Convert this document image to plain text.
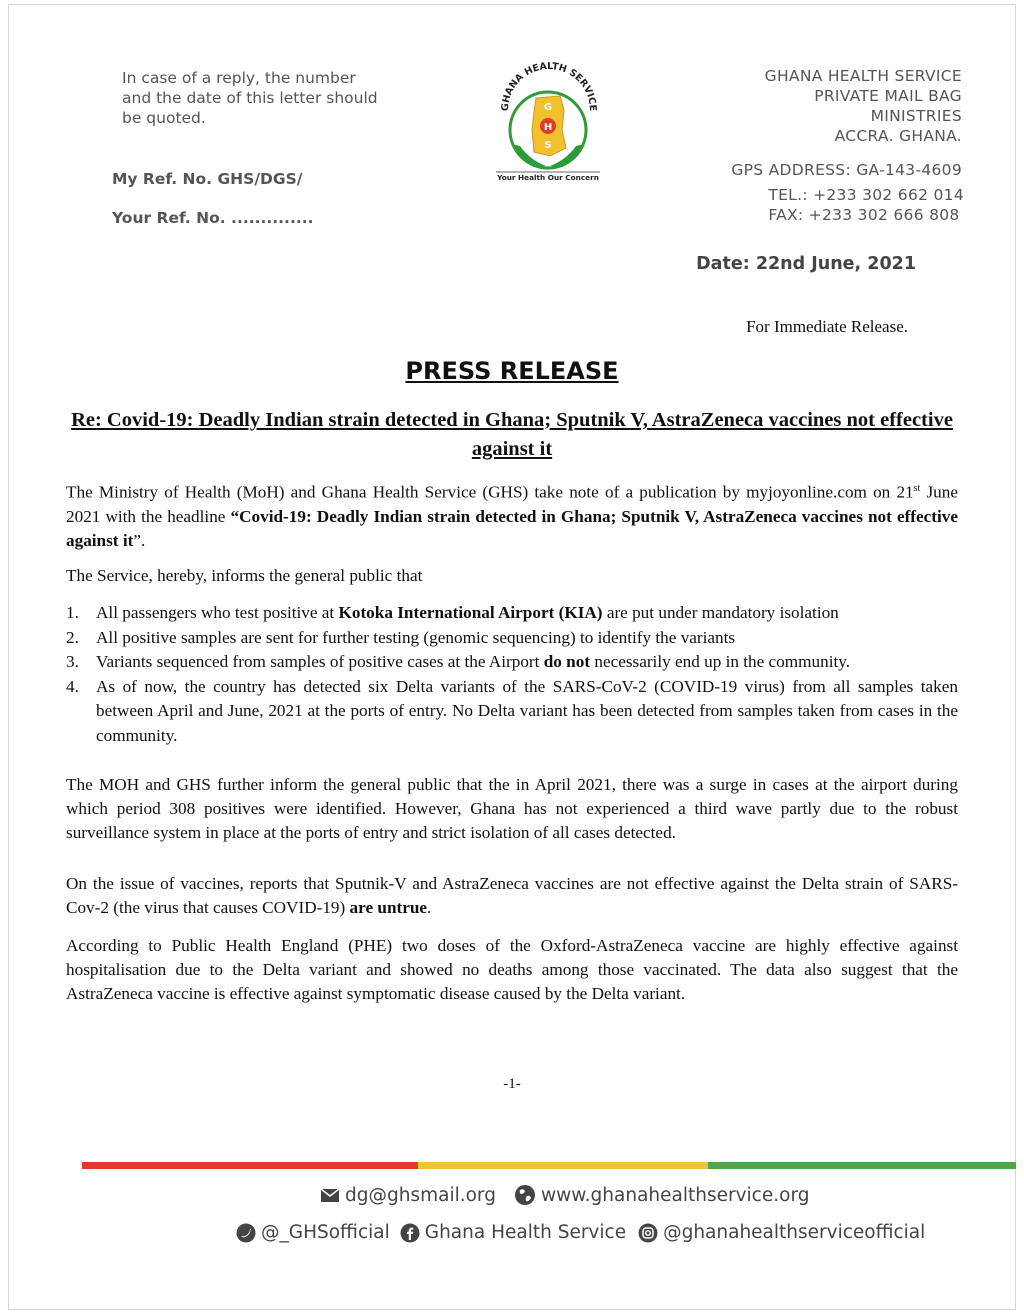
In case of a reply, the number and the date of this letter should be quoted.
My Ref. No. GHS/DGS/
Your Ref. No. ..............
GHANA HEALTH SERVICE
G
H
S
Your Health Our Concern
GHANA HEALTH SERVICE
PRIVATE MAIL BAG
MINISTRIES
ACCRA. GHANA.
GPS ADDRESS: GA-143-4609
TEL.: +233 302 662 014
FAX: +233 302 666 808
Date: 22nd June, 2021
For Immediate Release.
PRESS RELEASE
Re: Covid-19: Deadly Indian strain detected in Ghana; Sputnik V, AstraZeneca vaccines not effective against it
The Ministry of Health (MoH) and Ghana Health Service (GHS) take note of a publication by myjoyonline.com on 21st June 2021 with the headline “Covid-19: Deadly Indian strain detected in Ghana; Sputnik V, AstraZeneca vaccines not effective against it”.
The Service, hereby, informs the general public that
1. All passengers who test positive at Kotoka International Airport (KIA) are put under mandatory isolation
2. All positive samples are sent for further testing (genomic sequencing) to identify the variants
3. Variants sequenced from samples of positive cases at the Airport do not necessarily end up in the community.
4. As of now, the country has detected six Delta variants of the SARS-CoV-2 (COVID-19 virus) from all samples taken between April and June, 2021 at the ports of entry. No Delta variant has been detected from samples taken from cases in the community.
The MOH and GHS further inform the general public that the in April 2021, there was a surge in cases at the airport during which period 308 positives were identified. However, Ghana has not experienced a third wave partly due to the robust surveillance system in place at the ports of entry and strict isolation of all cases detected.
On the issue of vaccines, reports that Sputnik-V and AstraZeneca vaccines are not effective against the Delta strain of SARS-Cov-2 (the virus that causes COVID-19) are untrue.
According to Public Health England (PHE) two doses of the Oxford-AstraZeneca vaccine are highly effective against hospitalisation due to the Delta variant and showed no deaths among those vaccinated. The data also suggest that the AstraZeneca vaccine is effective against symptomatic disease caused by the Delta variant.
-1-
dg@ghsmail.org www.ghanahealthservice.org
@_GHSofficial Ghana Health Service @ghanahealthserviceofficial
